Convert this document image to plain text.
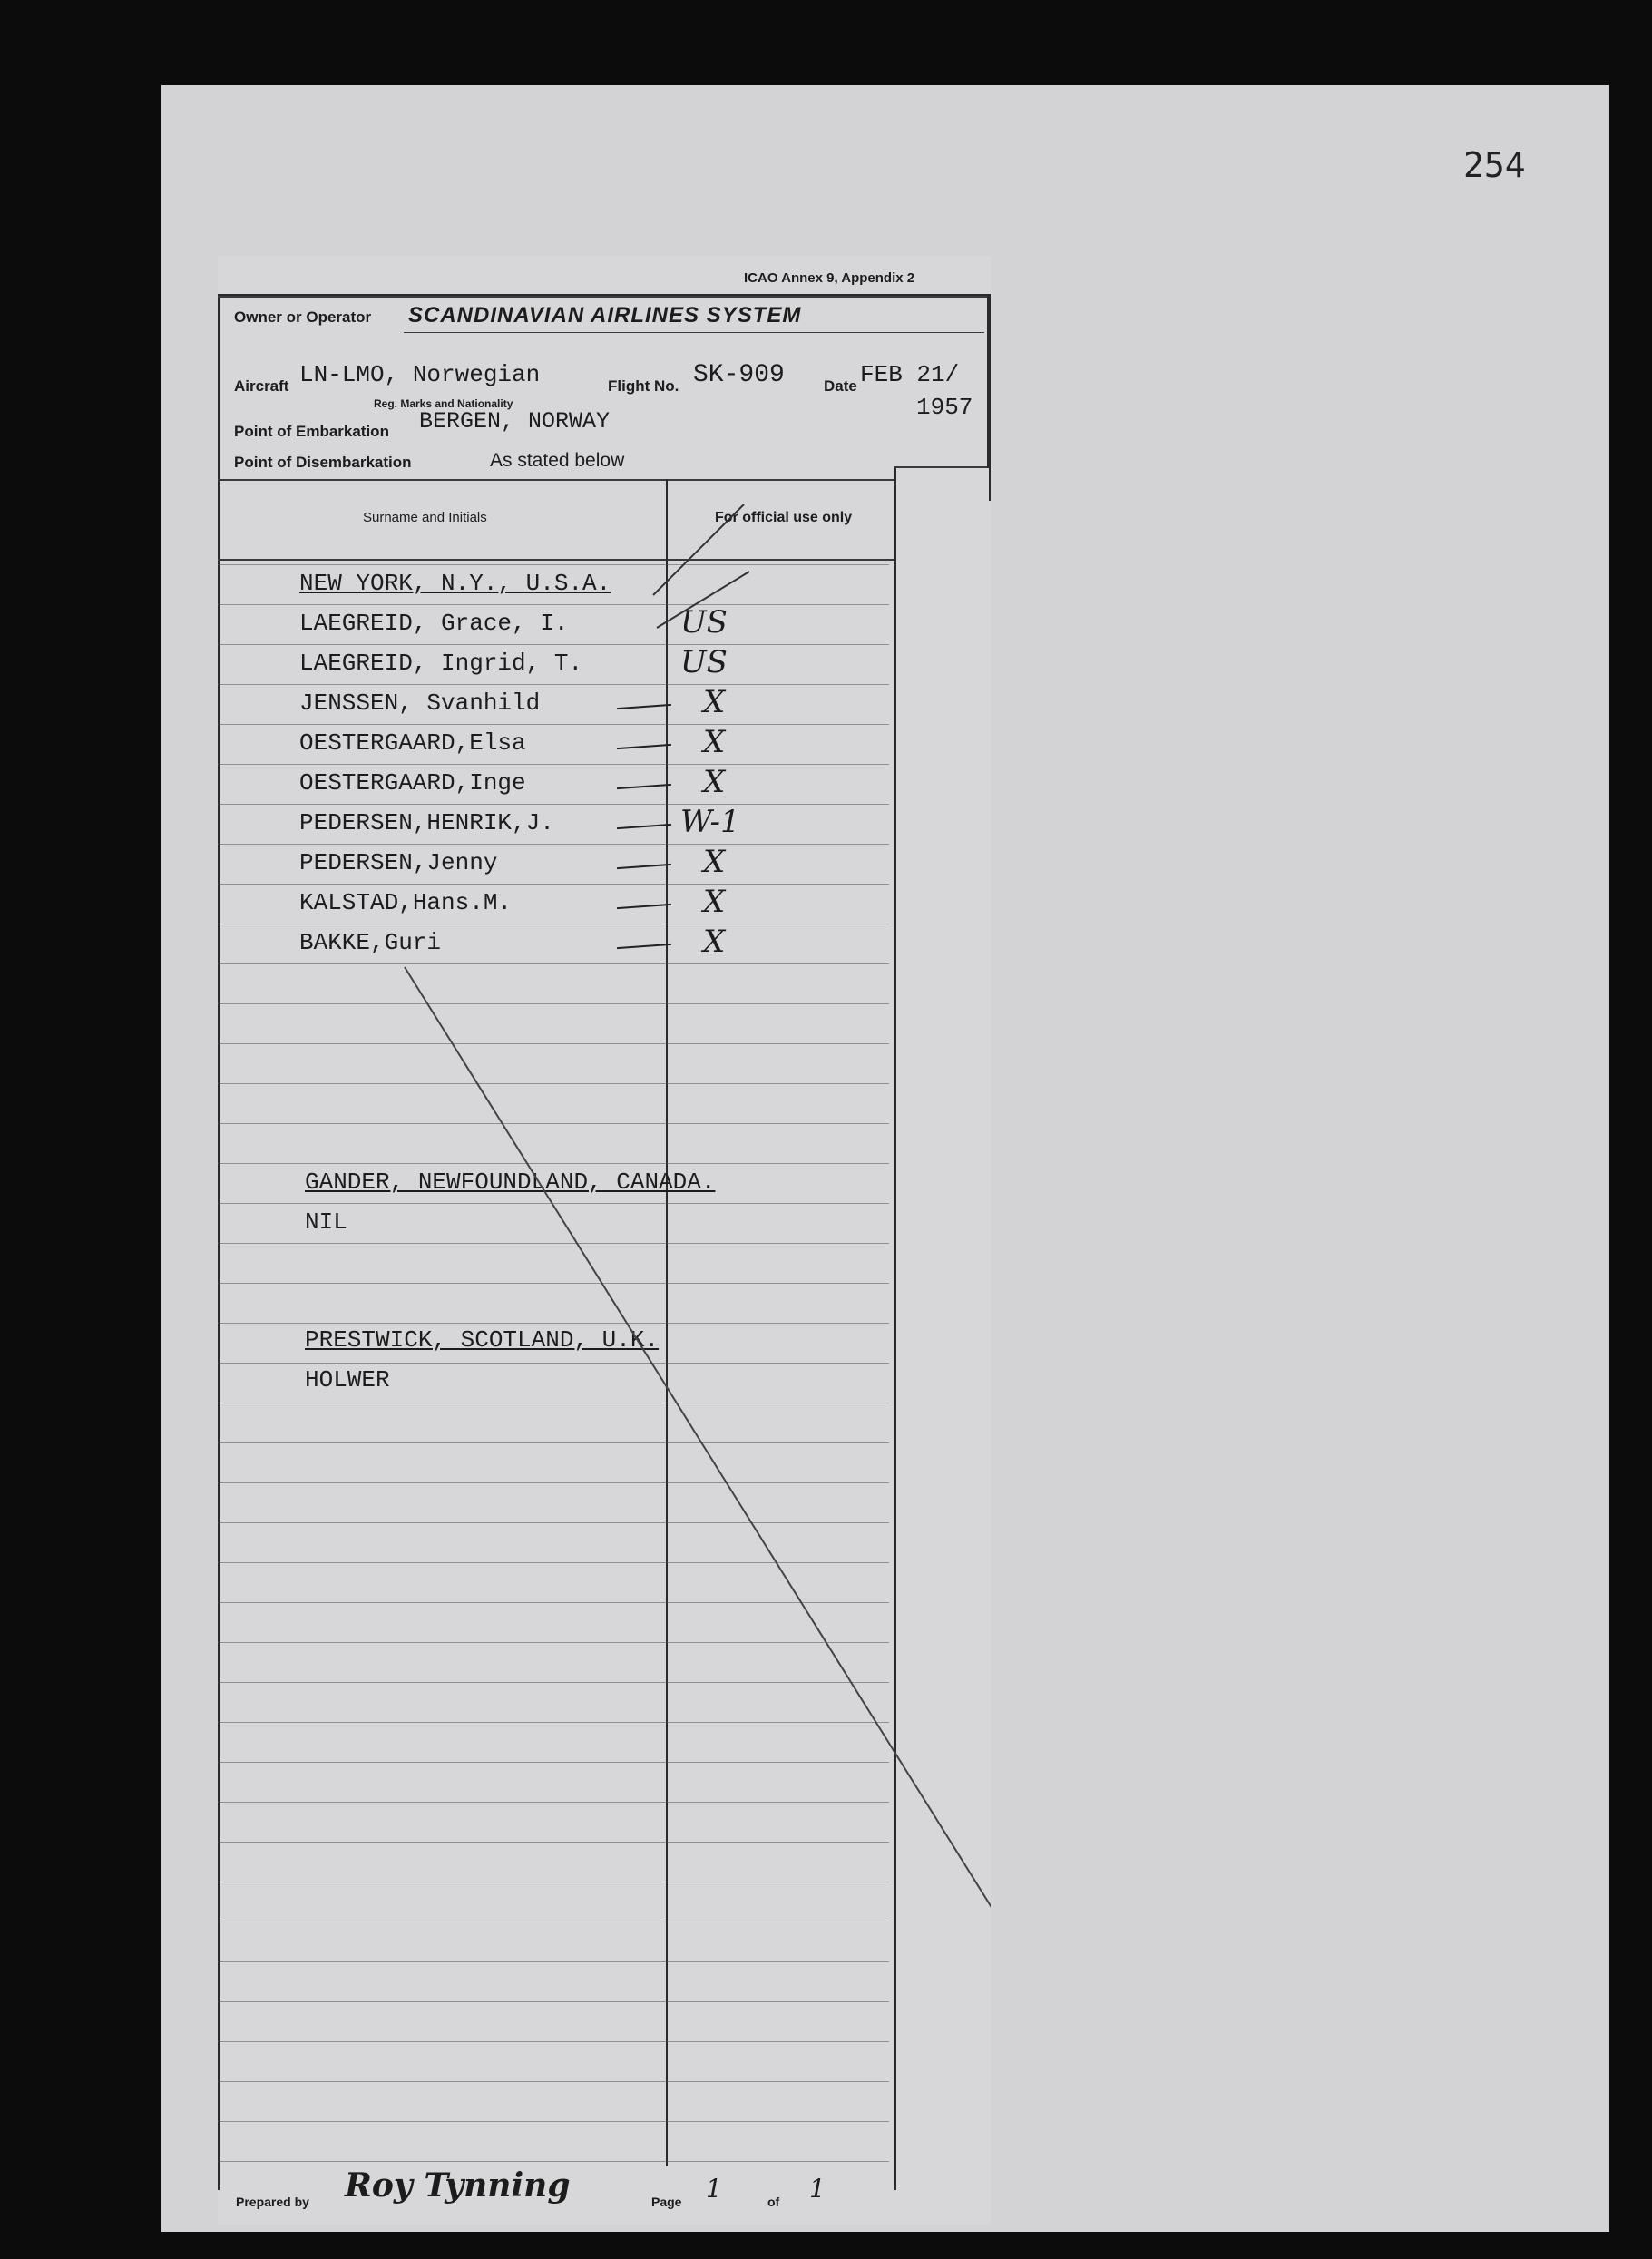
254
ICAO Annex 9, Appendix 2
Owner or Operator SCANDINAVIAN AIRLINES SYSTEM
Aircraft LN-LMO, Norwegian
Reg. Marks and Nationality
Flight No. SK-909	Date FEB 21/
1957
Point of Embarkation BERGEN, NORWAY
Point of Disembarkation	As stated below
Surname and Initials	For official use only
NEW YORK, N.Y., U.S.A.
LAEGREID, Grace, I.	US
LAEGREID, Ingrid, T.	US
JENSSEN, Svanhild	X
OESTERGAARD,Elsa	X
OESTERGAARD,Inge	X
PEDERSEN,HENRIK,J.	W-1
PEDERSEN,Jenny	X
KALSTAD,Hans.M.	X
BAKKE,Guri	X
GANDER, NEWFOUNDLAND, CANADA.
NIL
PRESTWICK, SCOTLAND, U.K.
HOLWER
Prepared by Roy Tynning	Page 1	of 1
